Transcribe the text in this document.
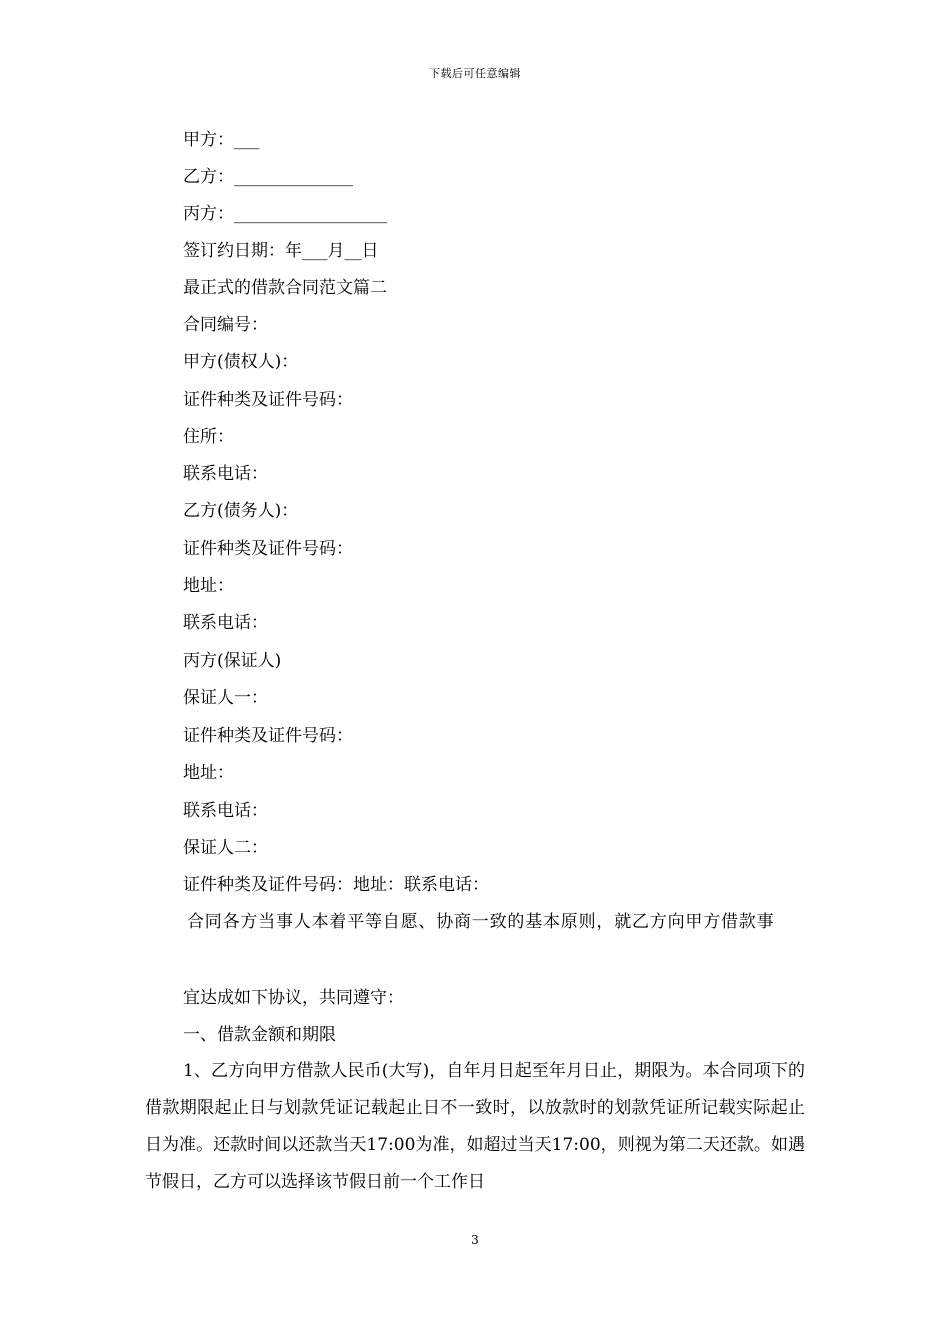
下载后可任意编辑
甲方：___
乙方：______________
丙方：__________________
签订约日期：年___月__日
最正式的借款合同范文篇二
合同编号：
甲方(债权人)：
证件种类及证件号码：
住所：
联系电话：
乙方(债务人)：
证件种类及证件号码：
地址：
联系电话：
丙方(保证人)
保证人一：
证件种类及证件号码：
地址：
联系电话：
保证人二：
证件种类及证件号码：地址：联系电话：
合同各方当事人本着平等自愿、协商一致的基本原则，就乙方向甲方借款事
宜达成如下协议，共同遵守：
一、借款金额和期限
1、乙方向甲方借款人民币(大写)，自年月日起至年月日止，期限为。本合同项下的借款期限起止日与划款凭证记载起止日不一致时，以放款时的划款凭证所记载实际起止日为准。还款时间以还款当天17:00为准，如超过当天17:00，则视为第二天还款。如遇节假日，乙方可以选择该节假日前一个工作日
3
